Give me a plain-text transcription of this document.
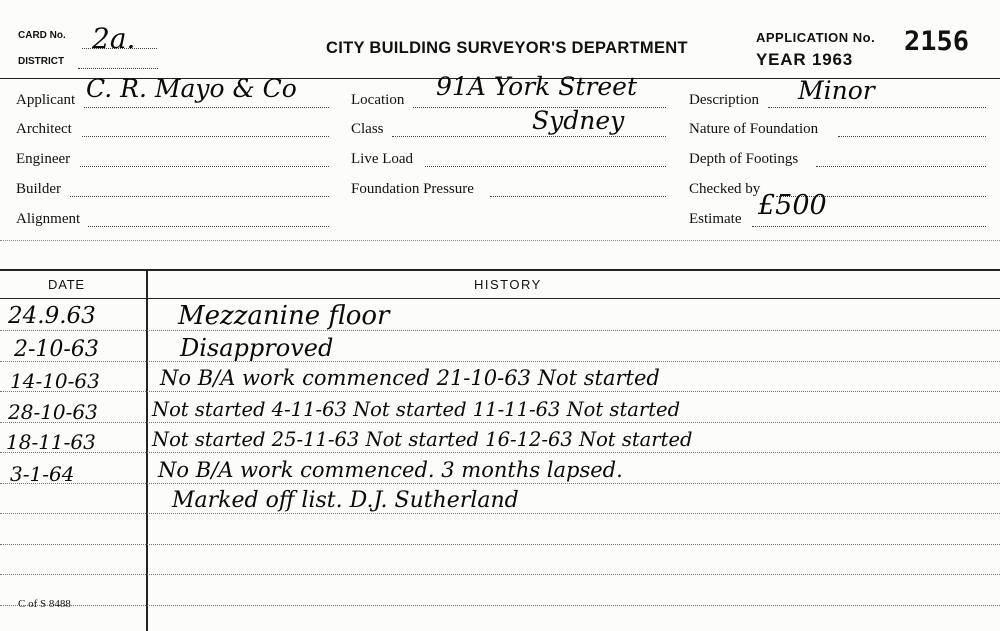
CARD No. 2a.
DISTRICT
CITY BUILDING SURVEYOR'S DEPARTMENT
APPLICATION No. 2156
YEAR 1963
Applicant C. R. Mayo & Co
Architect
Engineer
Builder
Alignment
Location 91A York Street
Sydney
Class
Live Load
Foundation Pressure
Description Minor
Nature of Foundation
Depth of Footings
Checked by
Estimate £500
DATE	HISTORY
24.9.63	Mezzanine floor
2-10-63	Disapproved
14-10-63	No B/A work commenced 21-10-63 Not started
28-10-63	Not started 4-11-63 Not started 11-11-63 Not started
18-11-63	Not started 25-11-63 Not started 16-12-63 Not started
3-1-64	No B/A work commenced. 3 months lapsed.
Marked off list. D.J. Sutherland
C of S 8488
